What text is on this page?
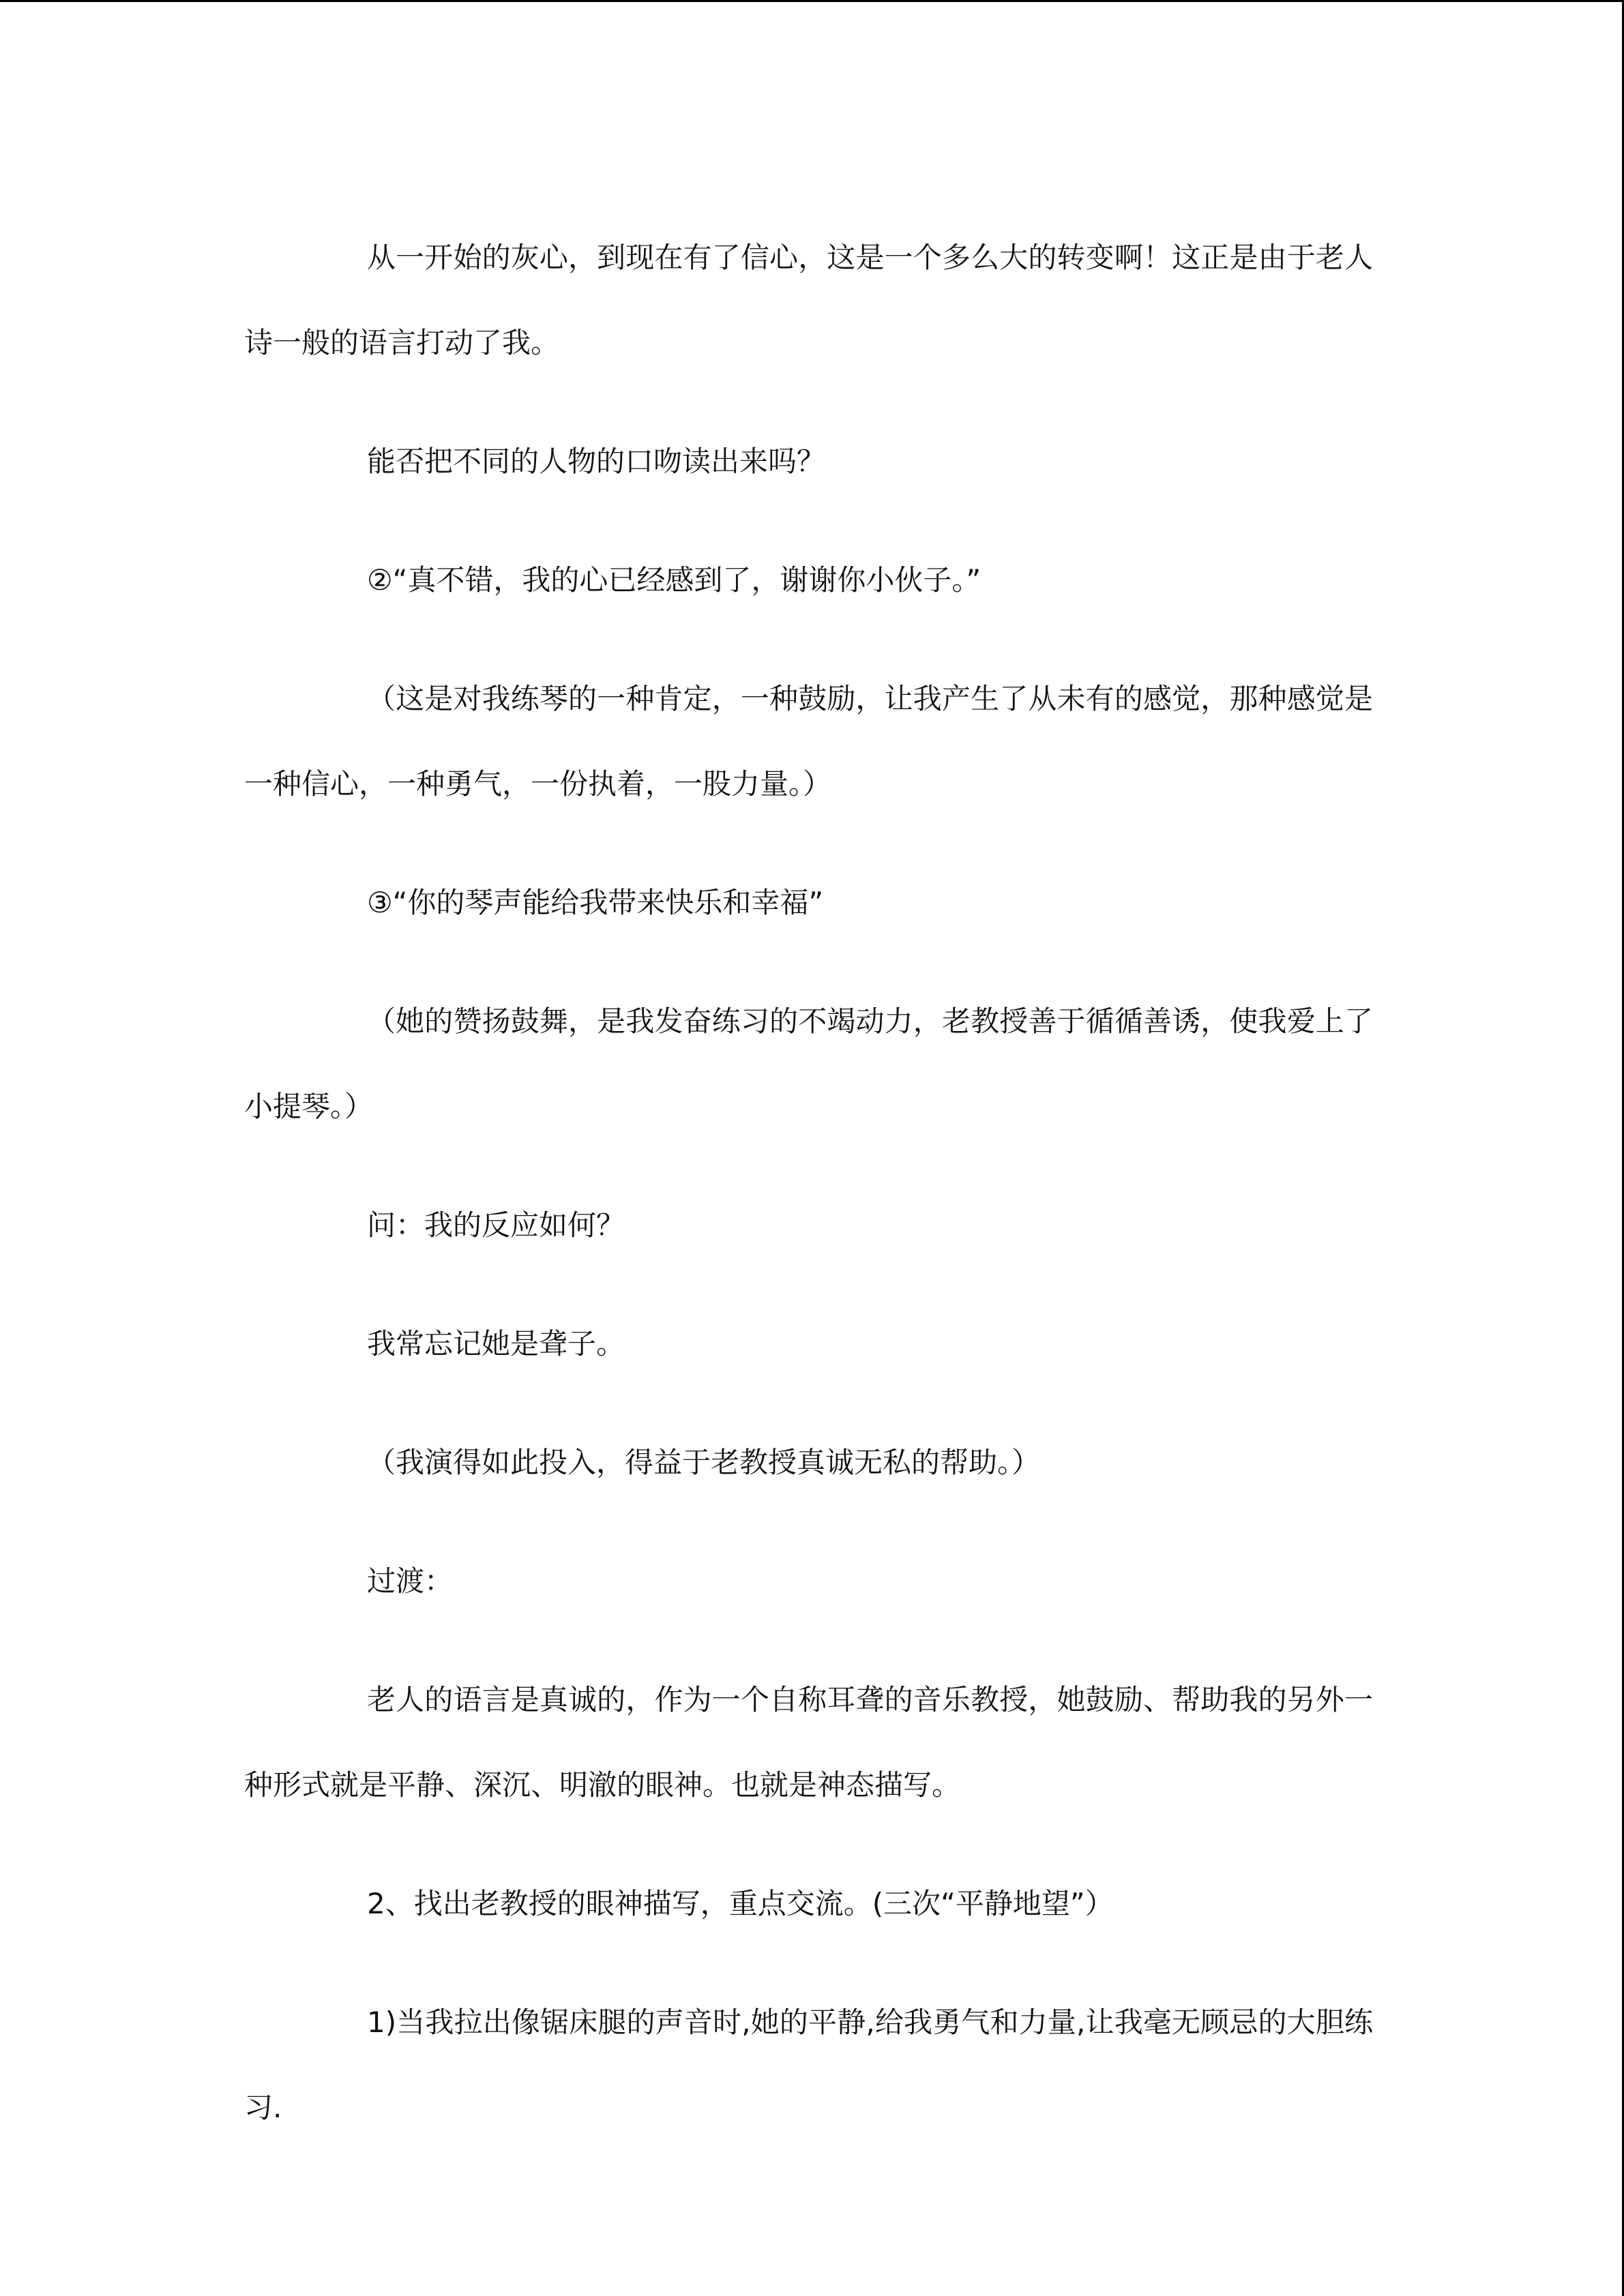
从一开始的灰心，到现在有了信心，这是一个多么大的转变啊！这正是由于老人诗一般的语言打动了我。

能否把不同的人物的口吻读出来吗？

②“真不错，我的心已经感到了，谢谢你小伙子。”

（这是对我练琴的一种肯定，一种鼓励，让我产生了从未有的感觉，那种感觉是一种信心，一种勇气，一份执着，一股力量。）

③“你的琴声能给我带来快乐和幸福”

（她的赞扬鼓舞，是我发奋练习的不竭动力，老教授善于循循善诱，使我爱上了小提琴。）

问：我的反应如何？

我常忘记她是聋子。

（我演得如此投入，得益于老教授真诚无私的帮助。）

过渡：

老人的语言是真诚的，作为一个自称耳聋的音乐教授，她鼓励、帮助我的另外一种形式就是平静、深沉、明澈的眼神。也就是神态描写。

2、找出老教授的眼神描写，重点交流。(三次“平静地望”）

1)当我拉出像锯床腿的声音时,她的平静,给我勇气和力量,让我毫无顾忌的大胆练习.
